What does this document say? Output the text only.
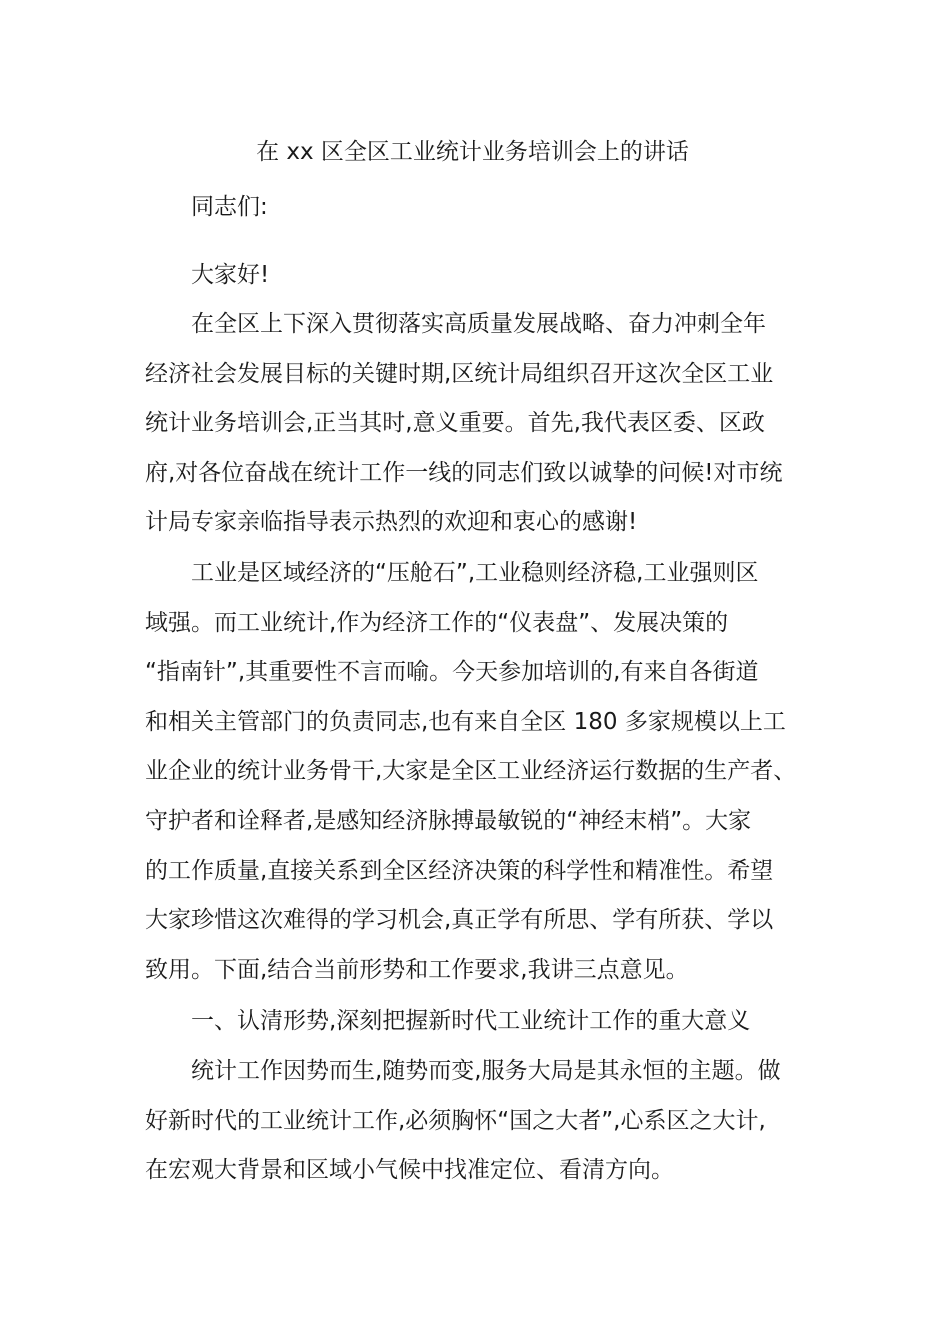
在 xx 区全区工业统计业务培训会上的讲话

同志们:

大家好!

在全区上下深入贯彻落实高质量发展战略、奋力冲刺全年
经济社会发展目标的关键时期,区统计局组织召开这次全区工业
统计业务培训会,正当其时,意义重要。首先,我代表区委、区政
府,对各位奋战在统计工作一线的同志们致以诚挚的问候!对市统
计局专家亲临指导表示热烈的欢迎和衷心的感谢!

工业是区域经济的“压舱石”,工业稳则经济稳,工业强则区
域强。而工业统计,作为经济工作的“仪表盘”、发展决策的
“指南针”,其重要性不言而喻。今天参加培训的,有来自各街道
和相关主管部门的负责同志,也有来自全区 180 多家规模以上工
业企业的统计业务骨干,大家是全区工业经济运行数据的生产者、
守护者和诠释者,是感知经济脉搏最敏锐的“神经末梢”。大家
的工作质量,直接关系到全区经济决策的科学性和精准性。希望
大家珍惜这次难得的学习机会,真正学有所思、学有所获、学以
致用。下面,结合当前形势和工作要求,我讲三点意见。

一、认清形势,深刻把握新时代工业统计工作的重大意义

统计工作因势而生,随势而变,服务大局是其永恒的主题。做
好新时代的工业统计工作,必须胸怀“国之大者”,心系区之大计,
在宏观大背景和区域小气候中找准定位、看清方向。
